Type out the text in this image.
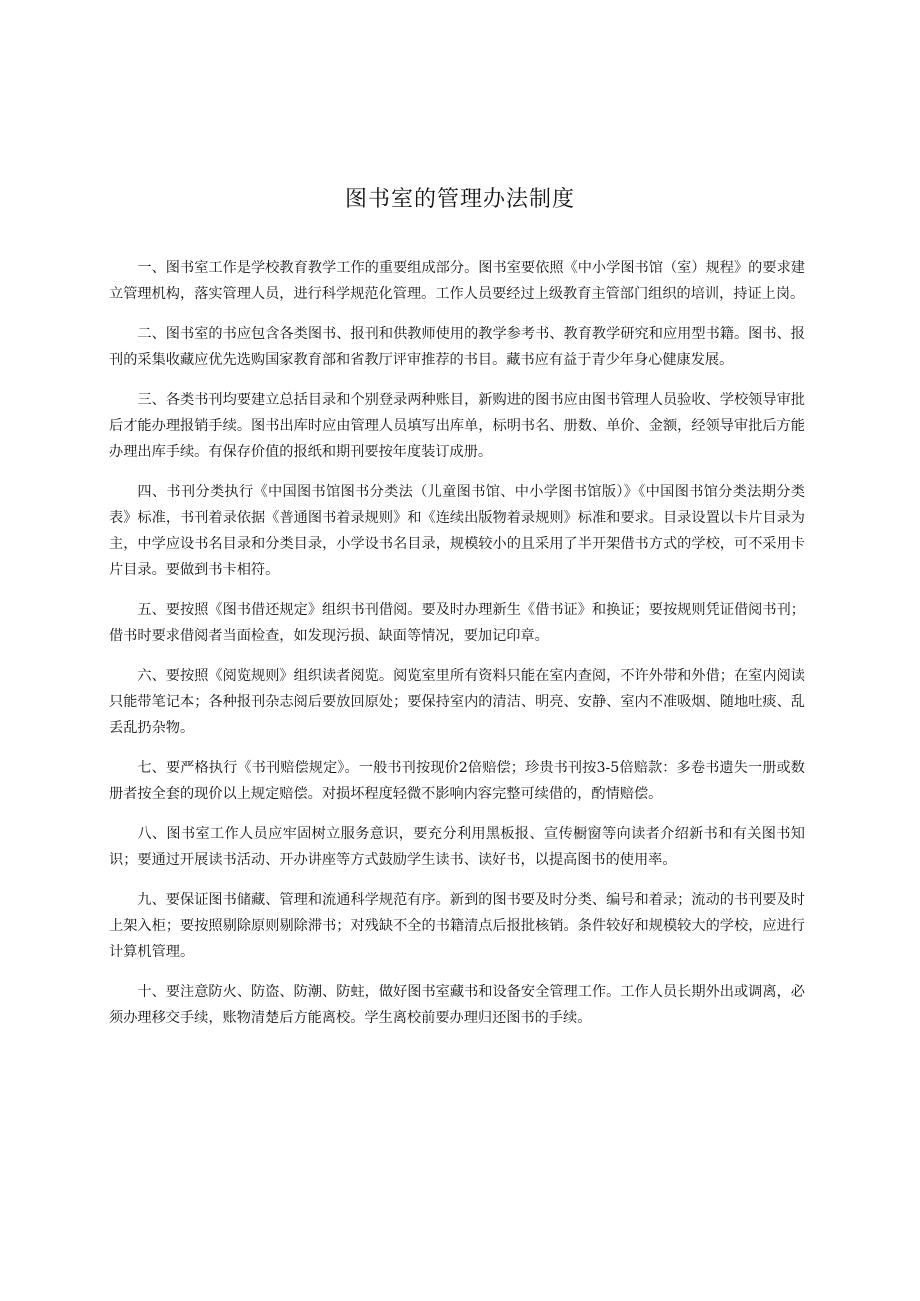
图书室的管理办法制度

一、图书室工作是学校教育教学工作的重要组成部分。图书室要依照《中小学图书馆（室）规程》的要求建立管理机构，落实管理人员，进行科学规范化管理。工作人员要经过上级教育主管部门组织的培训，持证上岗。

二、图书室的书应包含各类图书、报刊和供教师使用的教学参考书、教育教学研究和应用型书籍。图书、报刊的采集收藏应优先选购国家教育部和省教厅评审推荐的书目。藏书应有益于青少年身心健康发展。

三、各类书刊均要建立总括目录和个别登录两种账目，新购进的图书应由图书管理人员验收、学校领导审批后才能办理报销手续。图书出库时应由管理人员填写出库单，标明书名、册数、单价、金额，经领导审批后方能办理出库手续。有保存价值的报纸和期刊要按年度装订成册。

四、书刊分类执行《中国图书馆图书分类法（儿童图书馆、中小学图书馆版）》《中国图书馆分类法期分类表》标准，书刊着录依据《普通图书着录规则》和《连续出版物着录规则》标准和要求。目录设置以卡片目录为主，中学应设书名目录和分类目录，小学设书名目录，规模较小的且采用了半开架借书方式的学校，可不采用卡片目录。要做到书卡相符。

五、要按照《图书借还规定》组织书刊借阅。要及时办理新生《借书证》和换证；要按规则凭证借阅书刊；借书时要求借阅者当面检查，如发现污损、缺面等情况，要加记印章。

六、要按照《阅览规则》组织读者阅览。阅览室里所有资料只能在室内查阅，不许外带和外借；在室内阅读只能带笔记本；各种报刊杂志阅后要放回原处；要保持室内的清洁、明亮、安静、室内不准吸烟、随地吐痰、乱丢乱扔杂物。

七、要严格执行《书刊赔偿规定》。一般书刊按现价2倍赔偿；珍贵书刊按3-5倍赔款：多卷书遗失一册或数册者按全套的现价以上规定赔偿。对损坏程度轻微不影响内容完整可续借的，酌情赔偿。

八、图书室工作人员应牢固树立服务意识，要充分利用黑板报、宣传橱窗等向读者介绍新书和有关图书知识；要通过开展读书活动、开办讲座等方式鼓励学生读书、读好书，以提高图书的使用率。

九、要保证图书储藏、管理和流通科学规范有序。新到的图书要及时分类、编号和着录；流动的书刊要及时上架入柜；要按照剔除原则剔除滞书；对残缺不全的书籍清点后报批核销。条件较好和规模较大的学校，应进行计算机管理。

十、要注意防火、防盗、防潮、防蛀，做好图书室藏书和设备安全管理工作。工作人员长期外出或调离，必须办理移交手续，账物清楚后方能离校。学生离校前要办理归还图书的手续。
